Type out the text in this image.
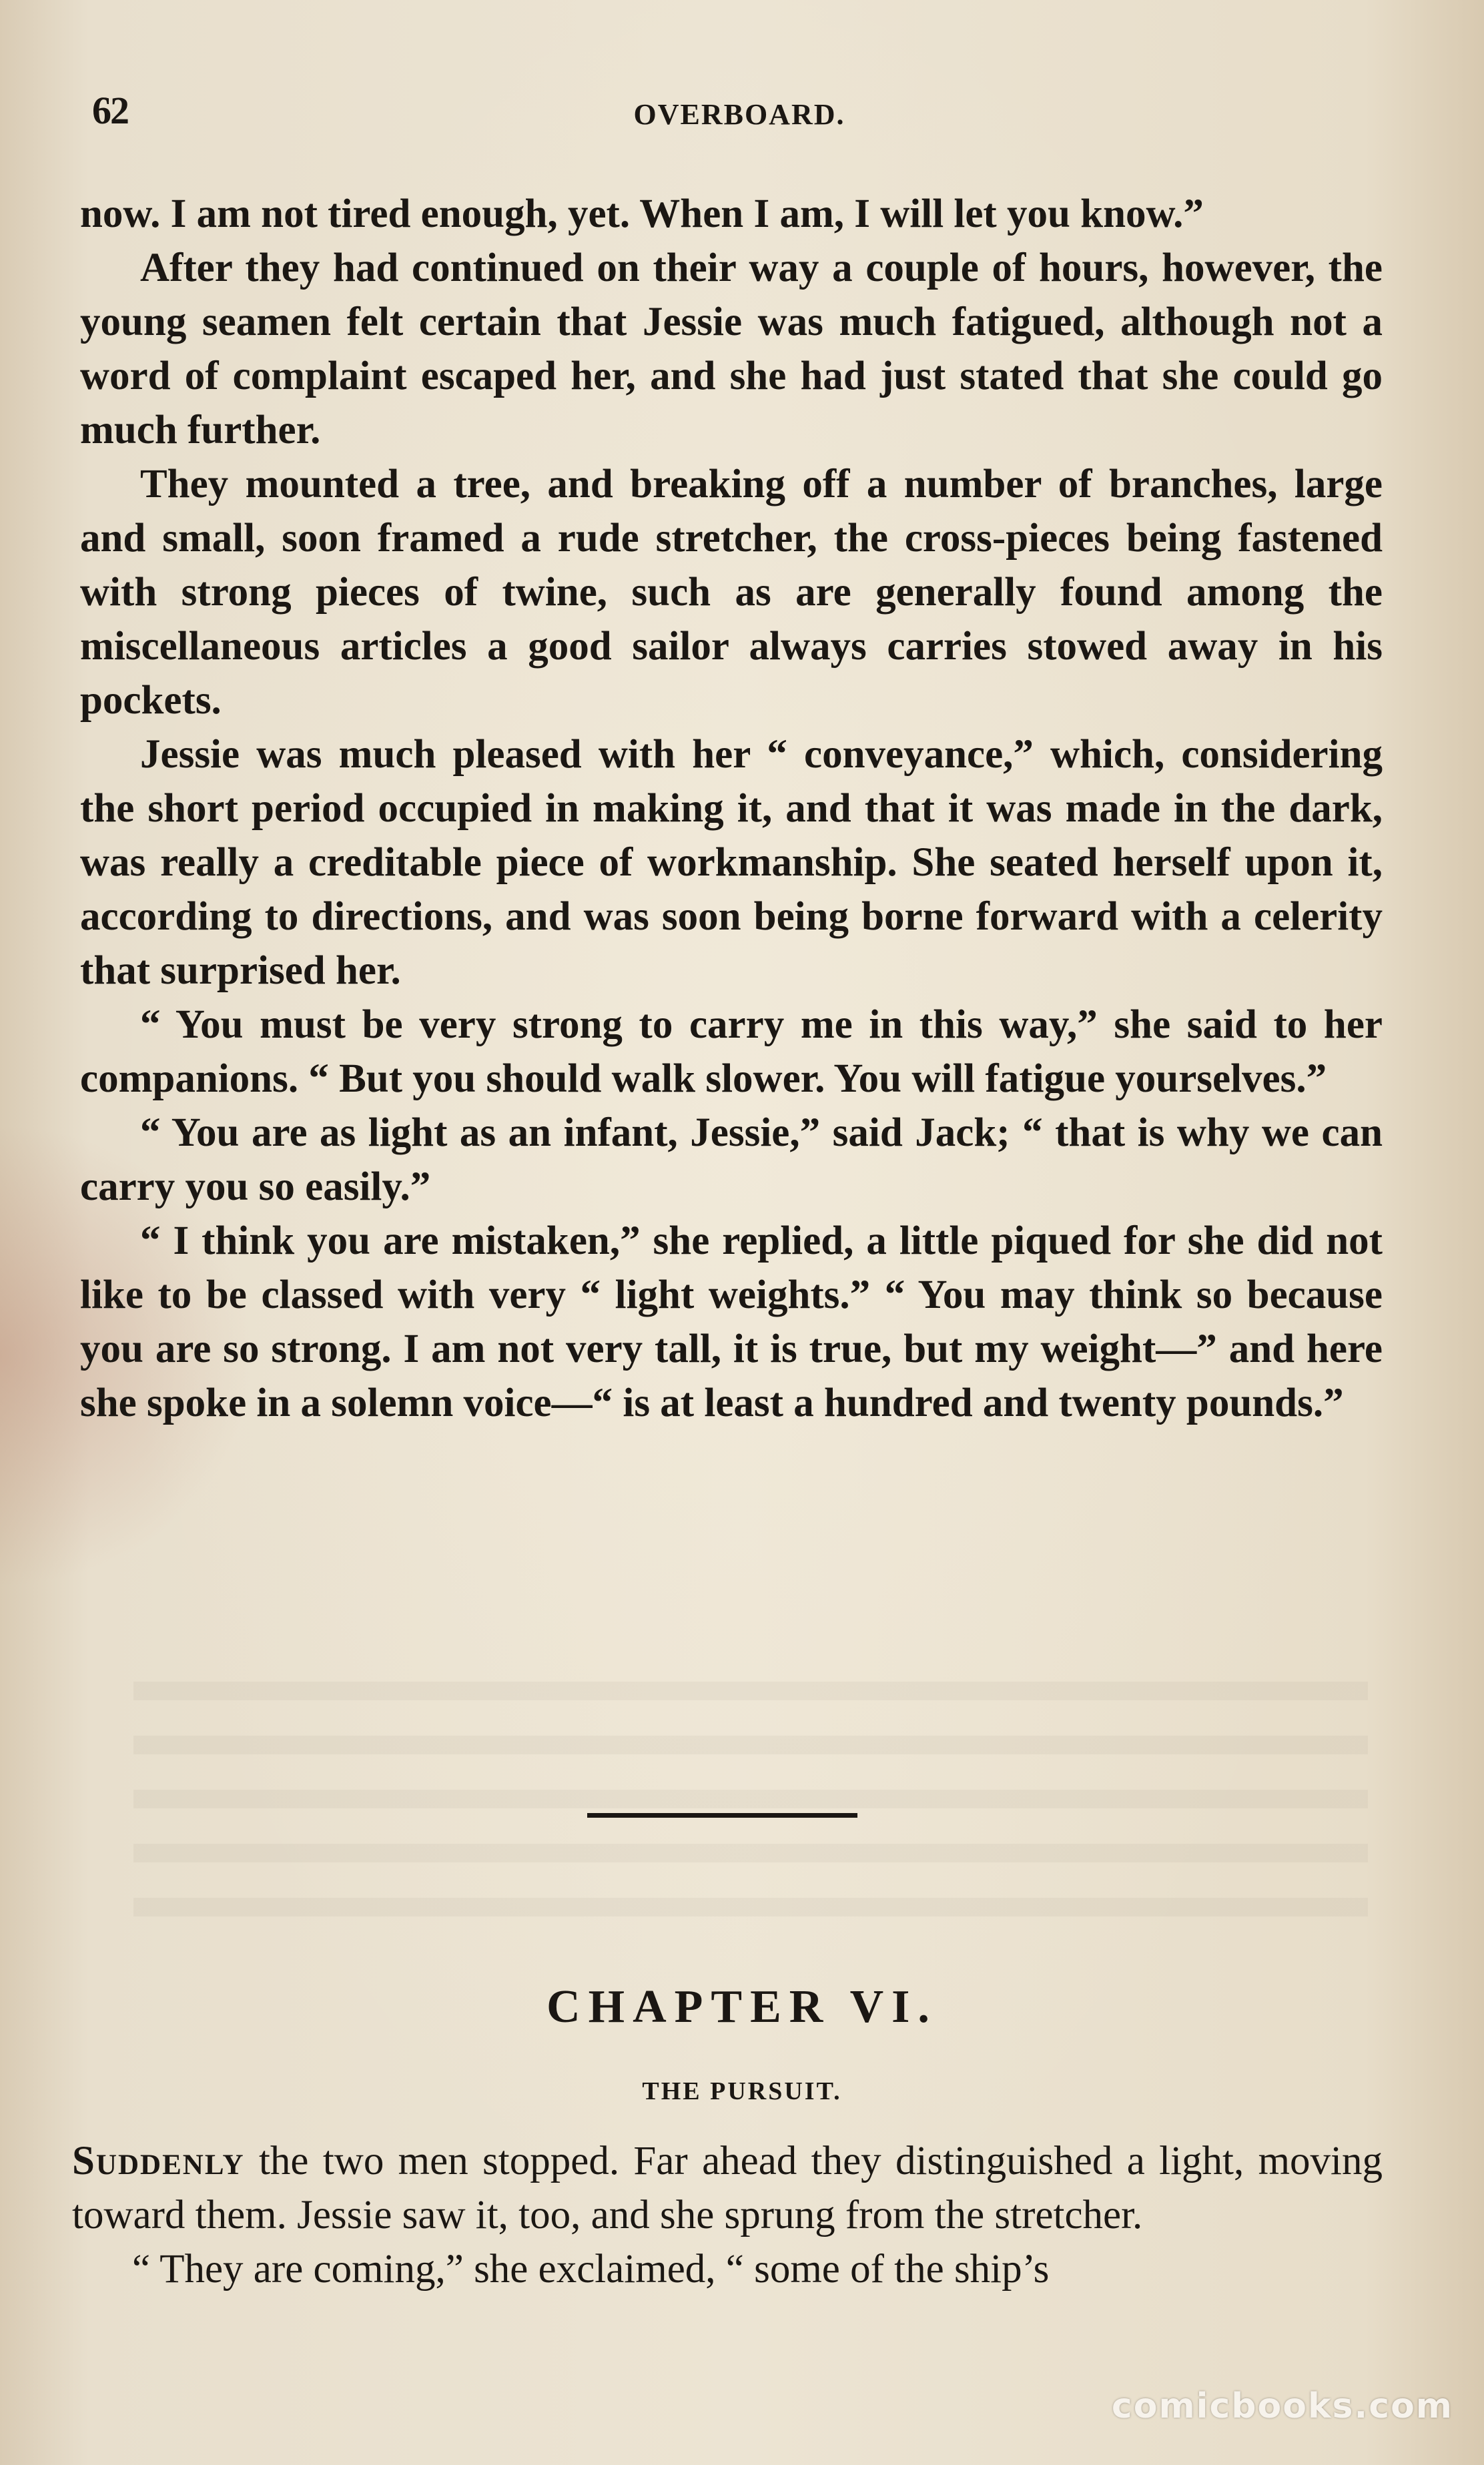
62	OVERBOARD.

now. I am not tired enough, yet. When I am, I will let you know.”

After they had continued on their way a couple of hours, however, the young seamen felt certain that Jessie was much fatigued, although not a word of complaint escaped her, and she had just stated that she could go much further.

They mounted a tree, and breaking off a number of branches, large and small, soon framed a rude stretcher, the cross-pieces being fastened with strong pieces of twine, such as are generally found among the miscellaneous articles a good sailor always carries stowed away in his pockets.

Jessie was much pleased with her “ conveyance,” which, considering the short period occupied in making it, and that it was made in the dark, was really a creditable piece of workmanship. She seated herself upon it, according to directions, and was soon being borne forward with a celerity that surprised her.

“ You must be very strong to carry me in this way,” she said to her companions. “ But you should walk slower. You will fatigue yourselves.”

“ You are as light as an infant, Jessie,” said Jack; “ that is why we can carry you so easily.”

“ I think you are mistaken,” she replied, a little piqued for she did not like to be classed with very “ light weights.” “ You may think so because you are so strong. I am not very tall, it is true, but my weight—” and here she spoke in a solemn voice—“ is at least a hundred and twenty pounds.”

CHAPTER VI.
THE PURSUIT.

Suddenly the two men stopped. Far ahead they distinguished a light, moving toward them. Jessie saw it, too, and she sprung from the stretcher.

“ They are coming,” she exclaimed, “ some of the ship’s

comicbooks.com
